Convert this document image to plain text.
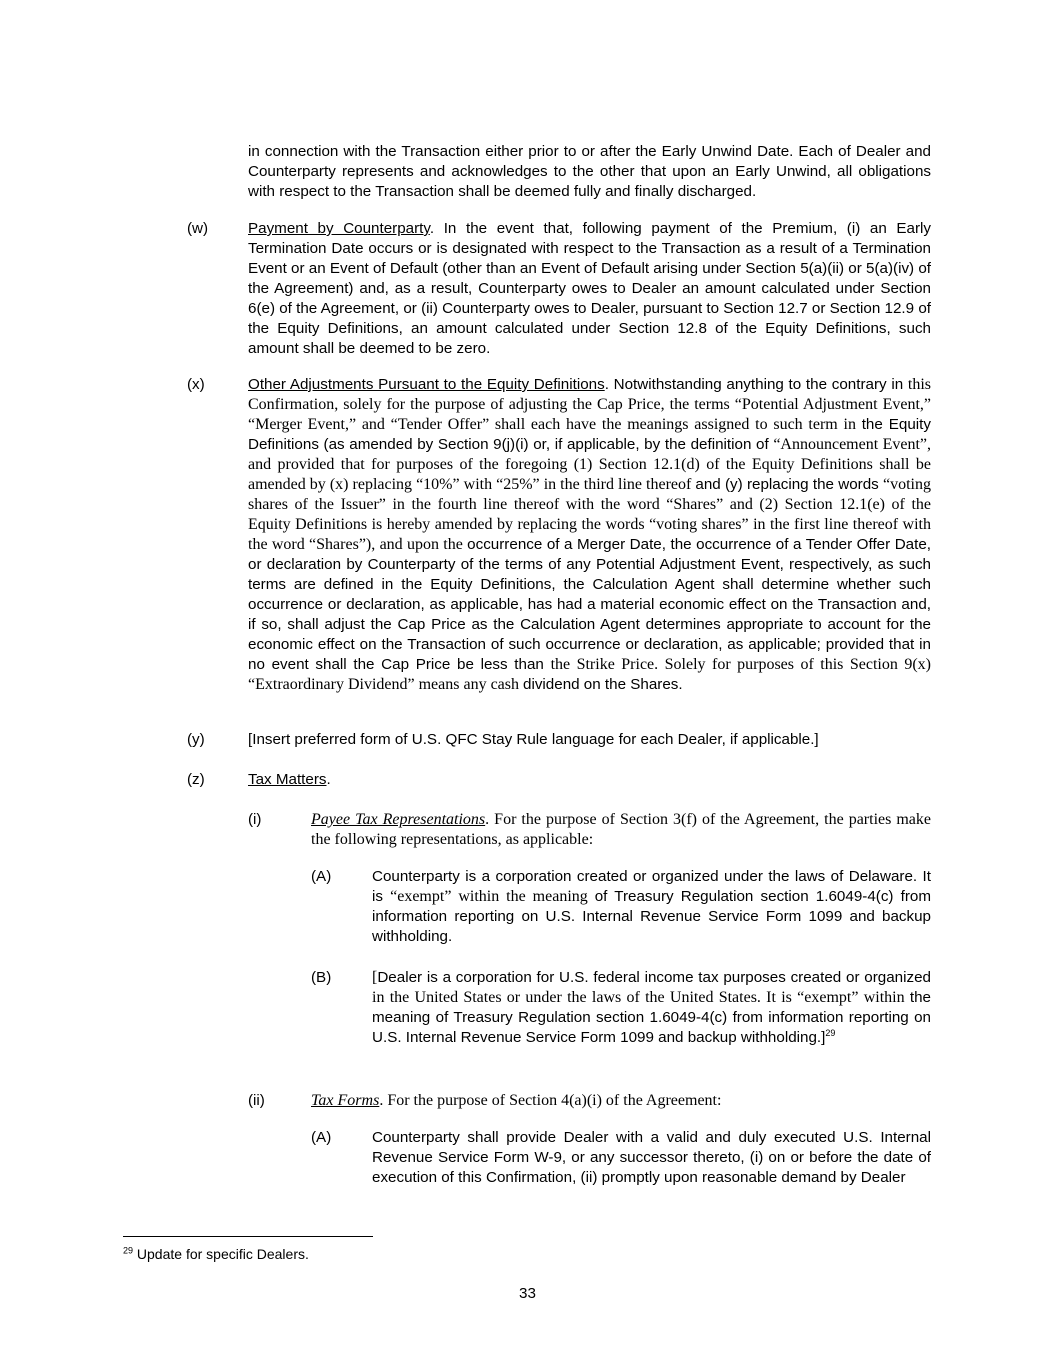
in connection with the Transaction either prior to or after the Early Unwind Date. Each of Dealer and Counterparty represents and acknowledges to the other that upon an Early Unwind, all obligations with respect to the Transaction shall be deemed fully and finally discharged.
(w)	Payment by Counterparty. In the event that, following payment of the Premium, (i) an Early Termination Date occurs or is designated with respect to the Transaction as a result of a Termination Event or an Event of Default (other than an Event of Default arising under Section 5(a)(ii) or 5(a)(iv) of the Agreement) and, as a result, Counterparty owes to Dealer an amount calculated under Section 6(e) of the Agreement, or (ii) Counterparty owes to Dealer, pursuant to Section 12.7 or Section 12.9 of the Equity Definitions, an amount calculated under Section 12.8 of the Equity Definitions, such amount shall be deemed to be zero.
(x)	Other Adjustments Pursuant to the Equity Definitions. Notwithstanding anything to the contrary in this Confirmation, solely for the purpose of adjusting the Cap Price, the terms “Potential Adjustment Event,” “Merger Event,” and “Tender Offer” shall each have the meanings assigned to such term in the Equity Definitions (as amended by Section 9(j)(i) or, if applicable, by the definition of “Announcement Event”, and provided that for purposes of the foregoing (1) Section 12.1(d) of the Equity Definitions shall be amended by (x) replacing “10%” with “25%” in the third line thereof and (y) replacing the words “voting shares of the Issuer” in the fourth line thereof with the word “Shares” and (2) Section 12.1(e) of the Equity Definitions is hereby amended by replacing the words “voting shares” in the first line thereof with the word “Shares”), and upon the occurrence of a Merger Date, the occurrence of a Tender Offer Date, or declaration by Counterparty of the terms of any Potential Adjustment Event, respectively, as such terms are defined in the Equity Definitions, the Calculation Agent shall determine whether such occurrence or declaration, as applicable, has had a material economic effect on the Transaction and, if so, shall adjust the Cap Price as the Calculation Agent determines appropriate to account for the economic effect on the Transaction of such occurrence or declaration, as applicable; provided that in no event shall the Cap Price be less than the Strike Price. Solely for purposes of this Section 9(x) “Extraordinary Dividend” means any cash dividend on the Shares.
(y)	[Insert preferred form of U.S. QFC Stay Rule language for each Dealer, if applicable.]
(z)	Tax Matters.
(i)	Payee Tax Representations. For the purpose of Section 3(f) of the Agreement, the parties make the following representations, as applicable:
(A)	Counterparty is a corporation created or organized under the laws of Delaware. It is “exempt” within the meaning of Treasury Regulation section 1.6049-4(c) from information reporting on U.S. Internal Revenue Service Form 1099 and backup withholding.
(B)	[Dealer is a corporation for U.S. federal income tax purposes created or organized in the United States or under the laws of the United States. It is “exempt” within the meaning of Treasury Regulation section 1.6049-4(c) from information reporting on U.S. Internal Revenue Service Form 1099 and backup withholding.]$^{29}$
(ii)	Tax Forms. For the purpose of Section 4(a)(i) of the Agreement:
(A)	Counterparty shall provide Dealer with a valid and duly executed U.S. Internal Revenue Service Form W-9, or any successor thereto, (i) on or before the date of execution of this Confirmation, (ii) promptly upon reasonable demand by Dealer
$^{29}$ Update for specific Dealers.
33
